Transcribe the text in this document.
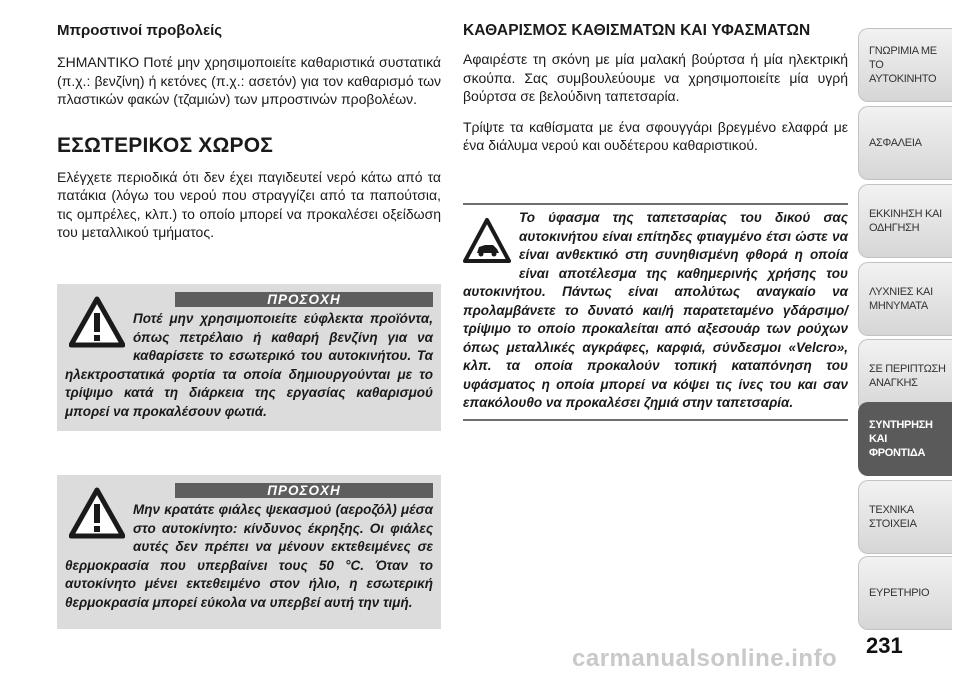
Μπροστινοί προβολείς

ΣΗΜΑΝΤΙΚΟ Ποτέ μην χρησιμοποιείτε καθαριστικά συστατικά (π.χ.: βενζίνη) ή κετόνες (π.χ.: ασετόν) για τον καθαρισμό των πλαστικών φακών (τζαμιών) των μπροστινών προβολέων.

ΕΣΩΤΕΡΙΚΟΣ ΧΩΡΟΣ

Ελέγχετε περιοδικά ότι δεν έχει παγιδευτεί νερό κάτω από τα πατάκια (λόγω του νερού που στραγγίζει από τα παπούτσια, τις ομπρέλες, κλπ.) το οποίο μπορεί να προκαλέσει οξείδωση του μεταλλικού τμήματος.

ΠΡΟΣΟΧΗ
Ποτέ μην χρησιμοποιείτε εύφλεκτα προϊόντα, όπως πετρέλαιο ή καθαρή βενζίνη για να καθαρίσετε το εσωτερικό του αυτοκινήτου. Τα ηλεκτροστατικά φορτία τα οποία δημιουργούνται με το τρίψιμο κατά τη διάρκεια της εργασίας καθαρισμού μπορεί να προκαλέσουν φωτιά.
ΠΡΟΣΟΧΗ
Μην κρατάτε φιάλες ψεκασμού (αεροζόλ) μέσα στο αυτοκίνητο: κίνδυνος έκρηξης. Οι φιάλες αυτές δεν πρέπει να μένουν εκτεθειμένες σε θερμοκρασία που υπερβαίνει τους 50 °C. Όταν το αυτοκίνητο μένει εκτεθειμένο στον ήλιο, η εσωτερική θερμοκρασία μπορεί εύκολα να υπερβεί αυτή την τιμή.
ΚΑΘΑΡΙΣΜΟΣ ΚΑΘΙΣΜΑΤΩΝ ΚΑΙ ΥΦΑΣΜΑΤΩΝ

Αφαιρέστε τη σκόνη με μία μαλακή βούρτσα ή μία ηλεκτρική σκούπα. Σας συμβουλεύουμε να χρησιμοποιείτε μία υγρή βούρτσα σε βελούδινη ταπετσαρία.

Τρίψτε τα καθίσματα με ένα σφουγγάρι βρεγμένο ελαφρά με ένα διάλυμα νερού και ουδέτερου καθαριστικού.

Το ύφασμα της ταπετσαρίας του δικού σας αυτοκινήτου είναι επίτηδες φτιαγμένο έτσι ώστε να είναι ανθεκτικό στη συνηθισμένη φθορά η οποία είναι αποτέλεσμα της καθημερινής χρήσης του αυτοκινήτου. Πάντως είναι απολύτως αναγκαίο να προλαμβάνετε το δυνατό και/ή παρατεταμένο γδάρσιμο/τρίψιμο το οποίο προκαλείται από αξεσουάρ των ρούχων όπως μεταλλικές αγκράφες, καρφιά, σύνδεσμοι «Velcro», κλπ. τα οποία προκαλούν τοπική καταπόνηση του υφάσματος η οποία μπορεί να κόψει τις ίνες του και σαν επακόλουθο να προκαλέσει ζημιά στην ταπετσαρία.
ΓΝΩΡΙΜΙΑ ΜΕ ΤΟ
ΑΥΤΟΚΙΝΗΤΟ
ΑΣΦΑΛΕΙΑ
ΕΚΚΙΝΗΣΗ ΚΑΙ
ΟΔΗΓΗΣΗ
ΛΥΧΝΙΕΣ ΚΑΙ
ΜΗΝΥΜΑΤΑ
ΣΕ ΠΕΡΙΠΤΩΣΗ
ΑΝΑΓΚΗΣ
ΣΥΝΤΗΡΗΣΗ ΚΑΙ
ΦΡΟΝΤΙΔΑ
ΤΕΧΝΙΚΑ ΣΤΟΙΧΕΙΑ
ΕΥΡΕΤΗΡΙΟ
231
carmanualsonline.info
